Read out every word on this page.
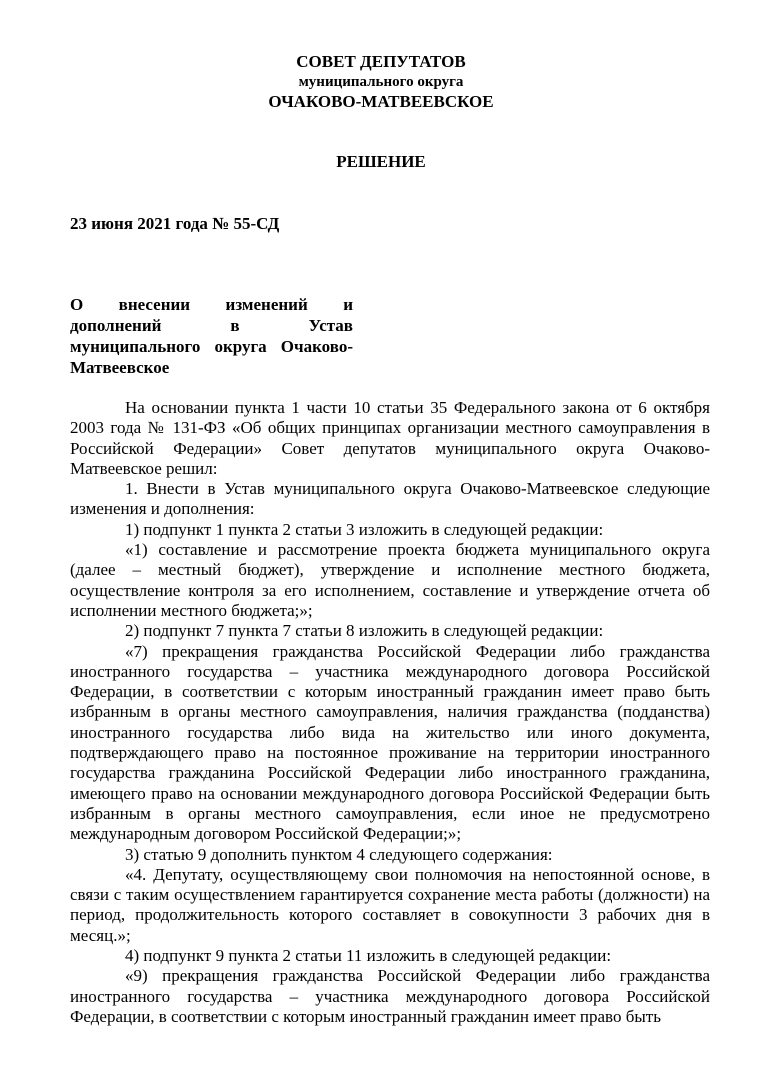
СОВЕТ ДЕПУТАТОВ
муниципального округа
ОЧАКОВО-МАТВЕЕВСКОЕ
РЕШЕНИЕ
23 июня 2021 года № 55-СД
О внесении изменений и
дополнений в Устав
муниципального округа Очаково-
Матвеевское

На основании пункта 1 части 10 статьи 35 Федерального закона от 6 октября 2003 года № 131-ФЗ «Об общих принципах организации местного самоуправления в Российской Федерации» Совет депутатов муниципального округа Очаково-Матвеевское решил:

1. Внести в Устав муниципального округа Очаково-Матвеевское следующие изменения и дополнения:

1) подпункт 1 пункта 2 статьи 3 изложить в следующей редакции:

«1) составление и рассмотрение проекта бюджета муниципального округа (далее – местный бюджет), утверждение и исполнение местного бюджета, осуществление контроля за его исполнением, составление и утверждение отчета об исполнении местного бюджета;»;

2) подпункт 7 пункта 7 статьи 8 изложить в следующей редакции:

«7) прекращения гражданства Российской Федерации либо гражданства иностранного государства – участника международного договора Российской Федерации, в соответствии с которым иностранный гражданин имеет право быть избранным в органы местного самоуправления, наличия гражданства (подданства) иностранного государства либо вида на жительство или иного документа, подтверждающего право на постоянное проживание на территории иностранного государства гражданина Российской Федерации либо иностранного гражданина, имеющего право на основании международного договора Российской Федерации быть избранным в органы местного самоуправления, если иное не предусмотрено международным договором Российской Федерации;»;

3) статью 9 дополнить пунктом 4 следующего содержания:

«4. Депутату, осуществляющему свои полномочия на непостоянной основе, в связи с таким осуществлением гарантируется сохранение места работы (должности) на период, продолжительность которого составляет в совокупности 3 рабочих дня в месяц.»;

4) подпункт 9 пункта 2 статьи 11 изложить в следующей редакции:

«9) прекращения гражданства Российской Федерации либо гражданства иностранного государства – участника международного договора Российской Федерации, в соответствии с которым иностранный гражданин имеет право быть
